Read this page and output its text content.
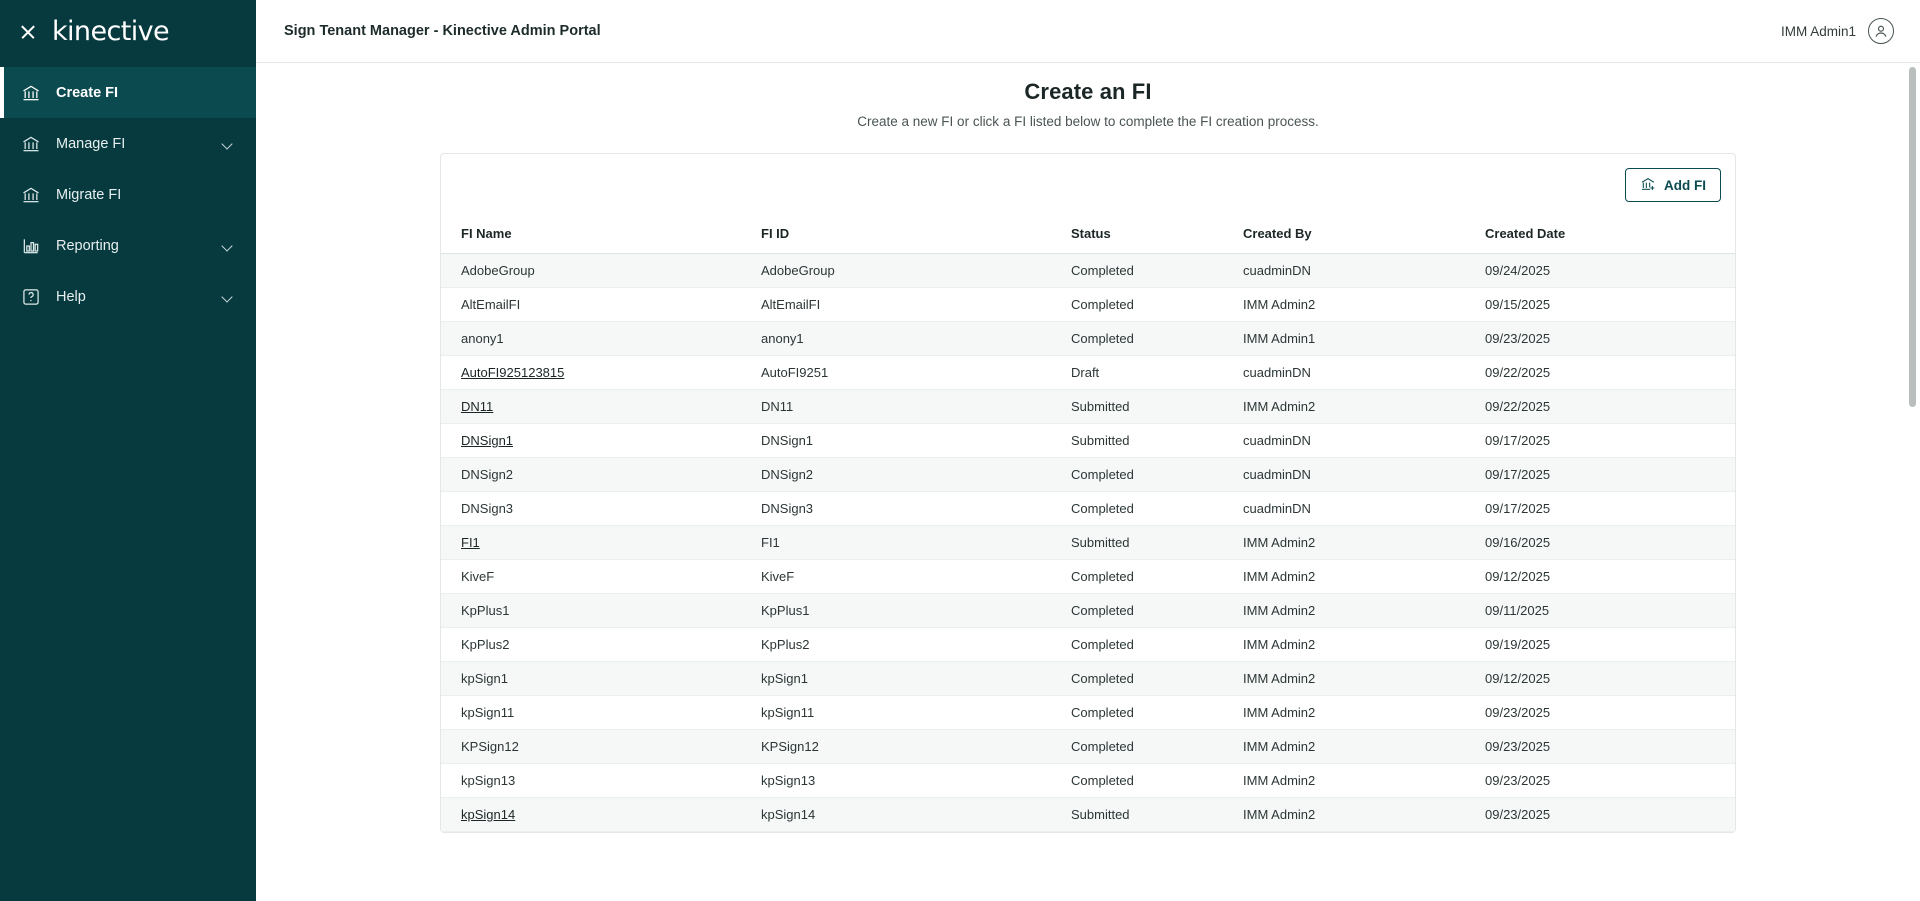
kinective
Create FI
Manage FI
Migrate FI
Reporting
Help
Sign Tenant Manager - Kinective Admin Portal	IMM Admin1
Create an FI
Create a new FI or click a FI listed below to complete the FI creation process.
Add FI
FI Name	FI ID	Status	Created By	Created Date
AdobeGroup	AdobeGroup	Completed	cuadminDN	09/24/2025
AltEmailFI	AltEmailFI	Completed	IMM Admin2	09/15/2025
anony1	anony1	Completed	IMM Admin1	09/23/2025
AutoFI925123815	AutoFI9251	Draft	cuadminDN	09/22/2025
DN11	DN11	Submitted	IMM Admin2	09/22/2025
DNSign1	DNSign1	Submitted	cuadminDN	09/17/2025
DNSign2	DNSign2	Completed	cuadminDN	09/17/2025
DNSign3	DNSign3	Completed	cuadminDN	09/17/2025
FI1	FI1	Submitted	IMM Admin2	09/16/2025
KiveF	KiveF	Completed	IMM Admin2	09/12/2025
KpPlus1	KpPlus1	Completed	IMM Admin2	09/11/2025
KpPlus2	KpPlus2	Completed	IMM Admin2	09/19/2025
kpSign1	kpSign1	Completed	IMM Admin2	09/12/2025
kpSign11	kpSign11	Completed	IMM Admin2	09/23/2025
KPSign12	KPSign12	Completed	IMM Admin2	09/23/2025
kpSign13	kpSign13	Completed	IMM Admin2	09/23/2025
kpSign14	kpSign14	Submitted	IMM Admin2	09/23/2025
